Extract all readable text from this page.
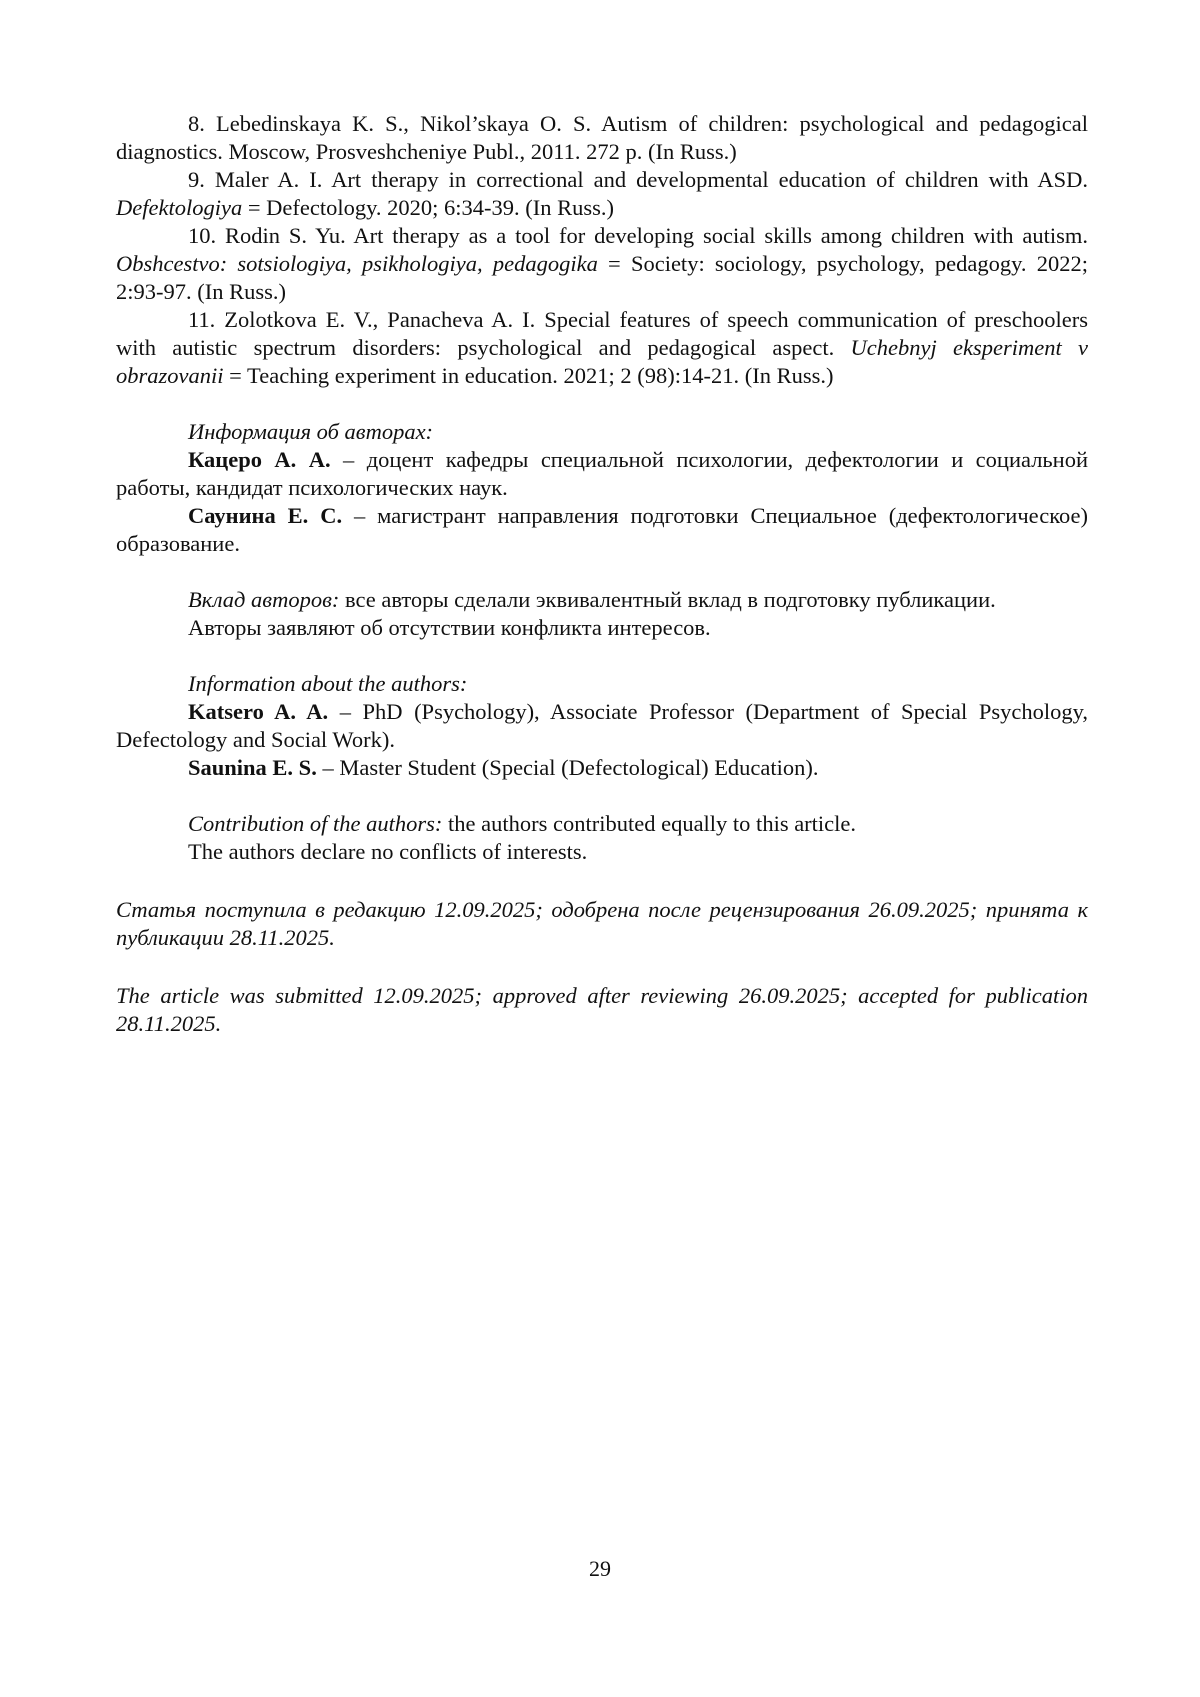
8. Lebedinskaya K. S., Nikol’skaya O. S. Autism of children: psychological and pedagogical diagnostics. Moscow, Prosveshcheniye Publ., 2011. 272 p. (In Russ.)

9. Maler A. I. Art therapy in correctional and developmental education of children with ASD. Defektologiya = Defectology. 2020; 6:34-39. (In Russ.)

10. Rodin S. Yu. Art therapy as a tool for developing social skills among children with autism. Obshcestvo: sotsiologiya, psikhologiya, pedagogika = Society: sociology, psychology, pedagogy. 2022; 2:93-97. (In Russ.)

11. Zolotkova E. V., Panacheva A. I. Special features of speech communication of preschoolers with autistic spectrum disorders: psychological and pedagogical aspect. Uchebnyj eksperiment v obrazovanii = Teaching experiment in education. 2021; 2 (98):14-21. (In Russ.)

Информация об авторах:

Кацеро А. А. – доцент кафедры специальной психологии, дефектологии и социальной работы, кандидат психологических наук.

Саунина Е. С. – магистрант направления подготовки Специальное (дефектологическое) образование.

Вклад авторов: все авторы сделали эквивалентный вклад в подготовку публикации.

Авторы заявляют об отсутствии конфликта интересов.

Information about the authors:

Katsero A. A. – PhD (Psychology), Associate Professor (Department of Special Psychology, Defectology and Social Work).

Saunina E. S. – Master Student (Special (Defectological) Education).

Contribution of the authors: the authors contributed equally to this article.

The authors declare no conflicts of interests.

Статья поступила в редакцию 12.09.2025; одобрена после рецензирования 26.09.2025; принята к публикации 28.11.2025.

The article was submitted 12.09.2025; approved after reviewing 26.09.2025; accepted for publication 28.11.2025.

29
